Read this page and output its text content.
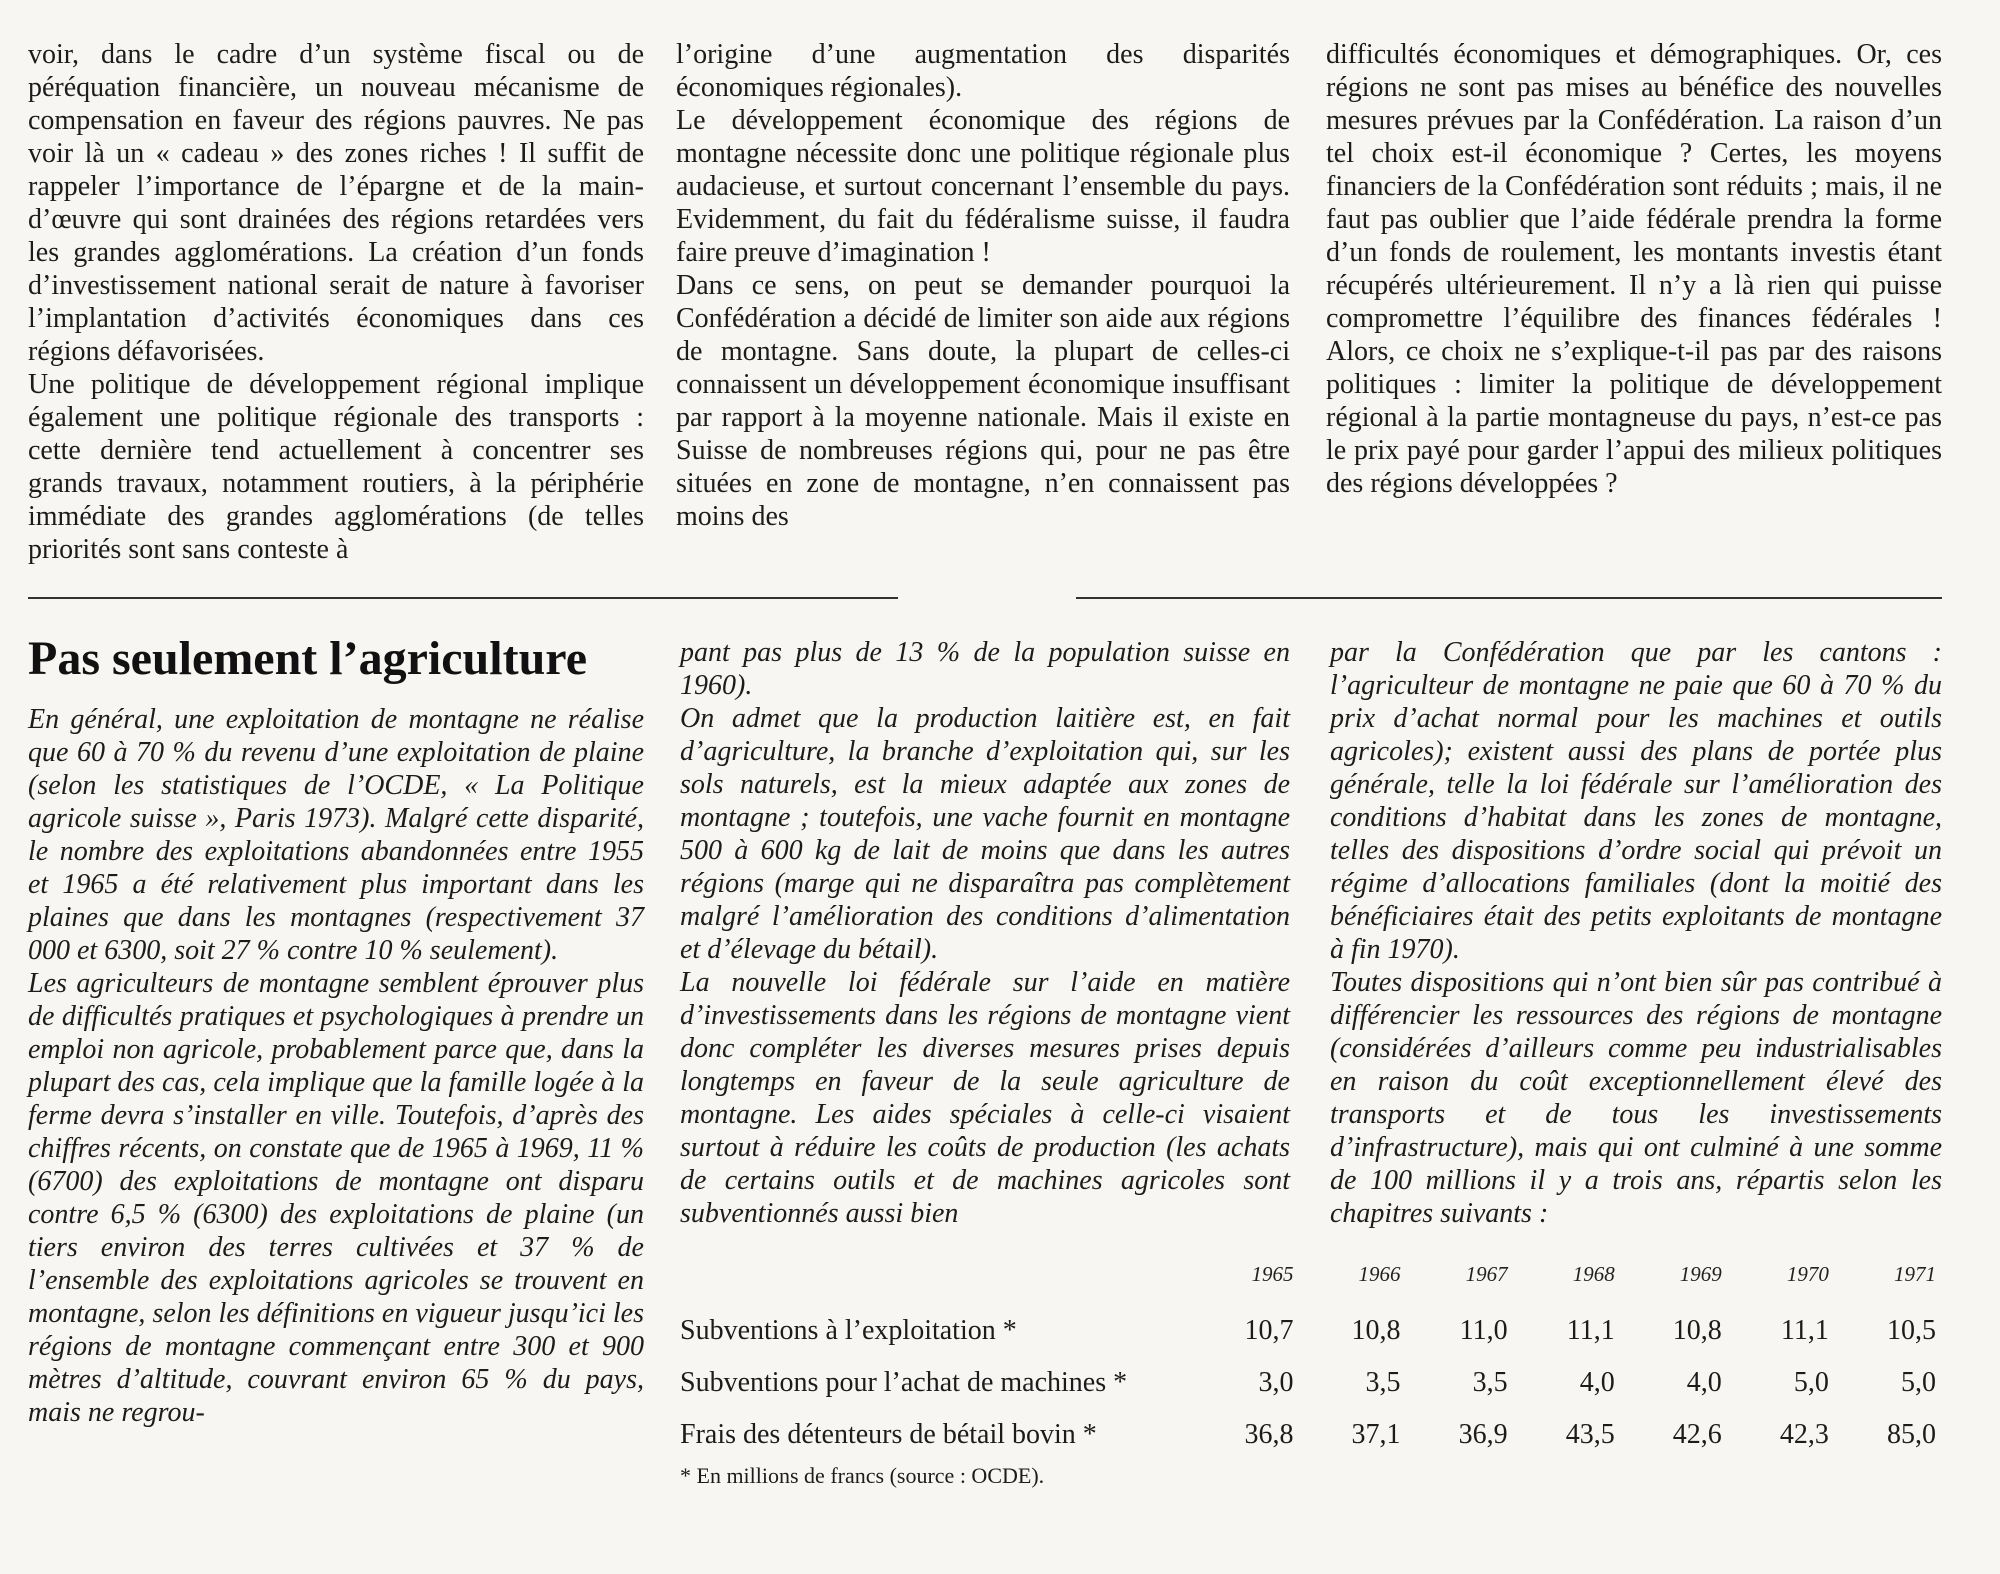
voir, dans le cadre d’un système fiscal ou de péréquation financière, un nouveau mécanisme de compensation en faveur des régions pauvres. Ne pas voir là un « cadeau » des zones riches ! Il suffit de rappeler l’importance de l’épargne et de la main-d’œuvre qui sont drainées des régions retardées vers les grandes agglomérations. La création d’un fonds d’investissement national serait de nature à favoriser l’implantation d’activités économiques dans ces régions défavorisées.

Une politique de développement régional implique également une politique régionale des transports : cette dernière tend actuellement à concentrer ses grands travaux, notamment routiers, à la périphérie immédiate des grandes agglomérations (de telles priorités sont sans conteste à

l’origine d’une augmentation des disparités économiques régionales).

Le développement économique des régions de montagne nécessite donc une politique régionale plus audacieuse, et surtout concernant l’ensemble du pays. Evidemment, du fait du fédéralisme suisse, il faudra faire preuve d’imagination !

Dans ce sens, on peut se demander pourquoi la Confédération a décidé de limiter son aide aux régions de montagne. Sans doute, la plupart de celles-ci connaissent un développement économique insuffisant par rapport à la moyenne nationale. Mais il existe en Suisse de nombreuses régions qui, pour ne pas être situées en zone de montagne, n’en connaissent pas moins des

difficultés économiques et démographiques. Or, ces régions ne sont pas mises au bénéfice des nouvelles mesures prévues par la Confédération. La raison d’un tel choix est-il économique ? Certes, les moyens financiers de la Confédération sont réduits ; mais, il ne faut pas oublier que l’aide fédérale prendra la forme d’un fonds de roulement, les montants investis étant récupérés ultérieurement. Il n’y a là rien qui puisse compromettre l’équilibre des finances fédérales ! Alors, ce choix ne s’explique-t-il pas par des raisons politiques : limiter la politique de développement régional à la partie montagneuse du pays, n’est-ce pas le prix payé pour garder l’appui des milieux politiques des régions développées ?

Pas seulement l’agriculture

En général, une exploitation de montagne ne réalise que 60 à 70 % du revenu d’une exploitation de plaine (selon les statistiques de l’OCDE, « La Politique agricole suisse », Paris 1973). Malgré cette disparité, le nombre des exploitations abandonnées entre 1955 et 1965 a été relativement plus important dans les plaines que dans les montagnes (respectivement 37 000 et 6300, soit 27 % contre 10 % seulement).

Les agriculteurs de montagne semblent éprouver plus de difficultés pratiques et psychologiques à prendre un emploi non agricole, probablement parce que, dans la plupart des cas, cela implique que la famille logée à la ferme devra s’installer en ville. Toutefois, d’après des chiffres récents, on constate que de 1965 à 1969, 11 % (6700) des exploitations de montagne ont disparu contre 6,5 % (6300) des exploitations de plaine (un tiers environ des terres cultivées et 37 % de l’ensemble des exploitations agricoles se trouvent en montagne, selon les définitions en vigueur jusqu’ici les régions de montagne commençant entre 300 et 900 mètres d’altitude, couvrant environ 65 % du pays, mais ne regrou-

pant pas plus de 13 % de la population suisse en 1960).

On admet que la production laitière est, en fait d’agriculture, la branche d’exploitation qui, sur les sols naturels, est la mieux adaptée aux zones de montagne ; toutefois, une vache fournit en montagne 500 à 600 kg de lait de moins que dans les autres régions (marge qui ne disparaîtra pas complètement malgré l’amélioration des conditions d’alimentation et d’élevage du bétail).

La nouvelle loi fédérale sur l’aide en matière d’investissements dans les régions de montagne vient donc compléter les diverses mesures prises depuis longtemps en faveur de la seule agriculture de montagne. Les aides spéciales à celle-ci visaient surtout à réduire les coûts de production (les achats de certains outils et de machines agricoles sont subventionnés aussi bien

par la Confédération que par les cantons : l’agriculteur de montagne ne paie que 60 à 70 % du prix d’achat normal pour les machines et outils agricoles); existent aussi des plans de portée plus générale, telle la loi fédérale sur l’amélioration des conditions d’habitat dans les zones de montagne, telles des dispositions d’ordre social qui prévoit un régime d’allocations familiales (dont la moitié des bénéficiaires était des petits exploitants de montagne à fin 1970).

Toutes dispositions qui n’ont bien sûr pas contribué à différencier les ressources des régions de montagne (considérées d’ailleurs comme peu industrialisables en raison du coût exceptionnellement élevé des transports et de tous les investissements d’infrastructure), mais qui ont culminé à une somme de 100 millions il y a trois ans, répartis selon les chapitres suivants :

	1965	1966	1967	1968	1969	1970	1971
Subventions à l’exploitation *	10,7	10,8	11,0	11,1	10,8	11,1	10,5
Subventions pour l’achat de machines *	3,0	3,5	3,5	4,0	4,0	5,0	5,0
Frais des détenteurs de bétail bovin *	36,8	37,1	36,9	43,5	42,6	42,3	85,0
* En millions de francs (source : OCDE).
